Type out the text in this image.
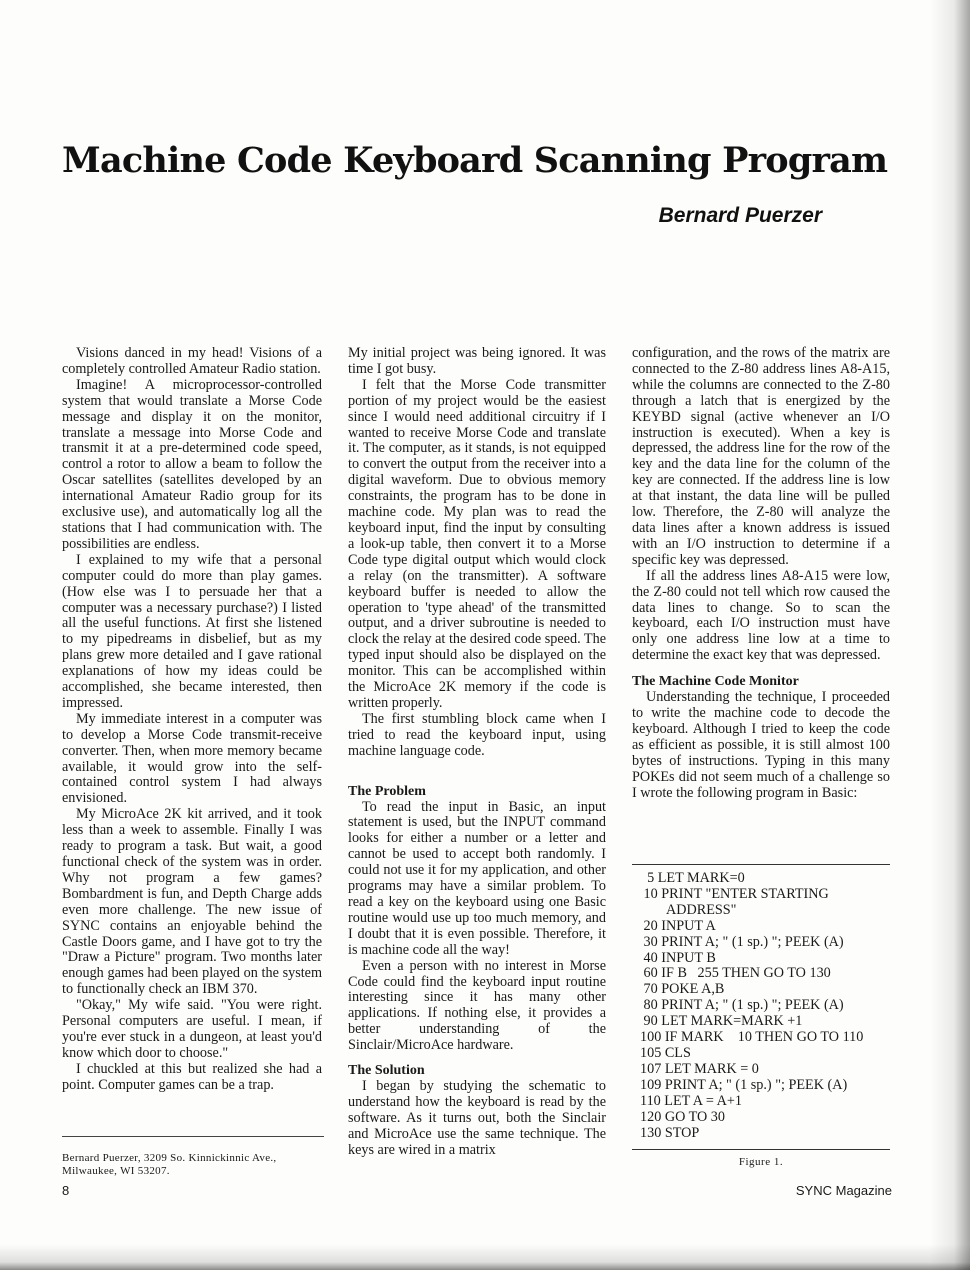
Machine Code Keyboard Scanning Program
Bernard Puerzer

Visions danced in my head! Visions of a completely controlled Amateur Radio station.

Imagine! A microprocessor-controlled system that would translate a Morse Code message and display it on the monitor, translate a message into Morse Code and transmit it at a pre-determined code speed, control a rotor to allow a beam to follow the Oscar satellites (satellites developed by an international Amateur Radio group for its exclusive use), and automatically log all the stations that I had communication with. The possibilities are endless.

I explained to my wife that a personal computer could do more than play games. (How else was I to persuade her that a computer was a necessary purchase?) I listed all the useful functions. At first she listened to my pipedreams in disbelief, but as my plans grew more detailed and I gave rational explanations of how my ideas could be accomplished, she became interested, then impressed.

My immediate interest in a computer was to develop a Morse Code transmit-receive converter. Then, when more memory became available, it would grow into the self-contained control system I had always envisioned.

My MicroAce 2K kit arrived, and it took less than a week to assemble. Finally I was ready to program a task. But wait, a good functional check of the system was in order. Why not program a few games? Bombardment is fun, and Depth Charge adds even more challenge. The new issue of SYNC contains an enjoyable behind the Castle Doors game, and I have got to try the "Draw a Picture" program. Two months later enough games had been played on the system to functionally check an IBM 370.

"Okay," My wife said. "You were right. Personal computers are useful. I mean, if you're ever stuck in a dungeon, at least you'd know which door to choose."

I chuckled at this but realized she had a point. Computer games can be a trap.

Bernard Puerzer, 3209 So. Kinnickinnic Ave., Milwaukee, WI 53207.

My initial project was being ignored. It was time I got busy.

I felt that the Morse Code transmitter portion of my project would be the easiest since I would need additional circuitry if I wanted to receive Morse Code and translate it. The computer, as it stands, is not equipped to convert the output from the receiver into a digital waveform. Due to obvious memory constraints, the program has to be done in machine code. My plan was to read the keyboard input, find the input by consulting a look-up table, then convert it to a Morse Code type digital output which would clock a relay (on the transmitter). A software keyboard buffer is needed to allow the operation to 'type ahead' of the transmitted output, and a driver subroutine is needed to clock the relay at the desired code speed. The typed input should also be displayed on the monitor. This can be accomplished within the MicroAce 2K memory if the code is written properly.

The first stumbling block came when I tried to read the keyboard input, using machine language code.

The Problem

To read the input in Basic, an input statement is used, but the INPUT command looks for either a number or a letter and cannot be used to accept both randomly. I could not use it for my application, and other programs may have a similar problem. To read a key on the keyboard using one Basic routine would use up too much memory, and I doubt that it is even possible. Therefore, it is machine code all the way!

Even a person with no interest in Morse Code could find the keyboard input routine interesting since it has many other applications. If nothing else, it provides a better understanding of the Sinclair/MicroAce hardware.

The Solution

I began by studying the schematic to understand how the keyboard is read by the software. As it turns out, both the Sinclair and MicroAce use the same technique. The keys are wired in a matrix

configuration, and the rows of the matrix are connected to the Z-80 address lines A8-A15, while the columns are connected to the Z-80 through a latch that is energized by the KEYBD signal (active whenever an I/O instruction is executed). When a key is depressed, the address line for the row of the key and the data line for the column of the key are connected. If the address line is low at that instant, the data line will be pulled low. Therefore, the Z-80 will analyze the data lines after a known address is issued with an I/O instruction to determine if a specific key was depressed.

If all the address lines A8-A15 were low, the Z-80 could not tell which row caused the data lines to change. So to scan the keyboard, each I/O instruction must have only one address line low at a time to determine the exact key that was depressed.

The Machine Code Monitor

Understanding the technique, I proceeded to write the machine code to decode the keyboard. Although I tried to keep the code as efficient as possible, it is still almost 100 bytes of instructions. Typing in this many POKEs did not seem much of a challenge so I wrote the following program in Basic:

5 LET MARK=0
10 PRINT "ENTER STARTING
ADDRESS"
20 INPUT A
30 PRINT A; " (1 sp.) "; PEEK (A)
40 INPUT B
60 IF B   255 THEN GO TO 130
70 POKE A,B
80 PRINT A; " (1 sp.) "; PEEK (A)
90 LET MARK=MARK +1
100 IF MARK    10 THEN GO TO 110
105 CLS
107 LET MARK = 0
109 PRINT A; " (1 sp.) "; PEEK (A)
110 LET A = A+1
120 GO TO 30
130 STOP
Figure 1.
8	SYNC Magazine
